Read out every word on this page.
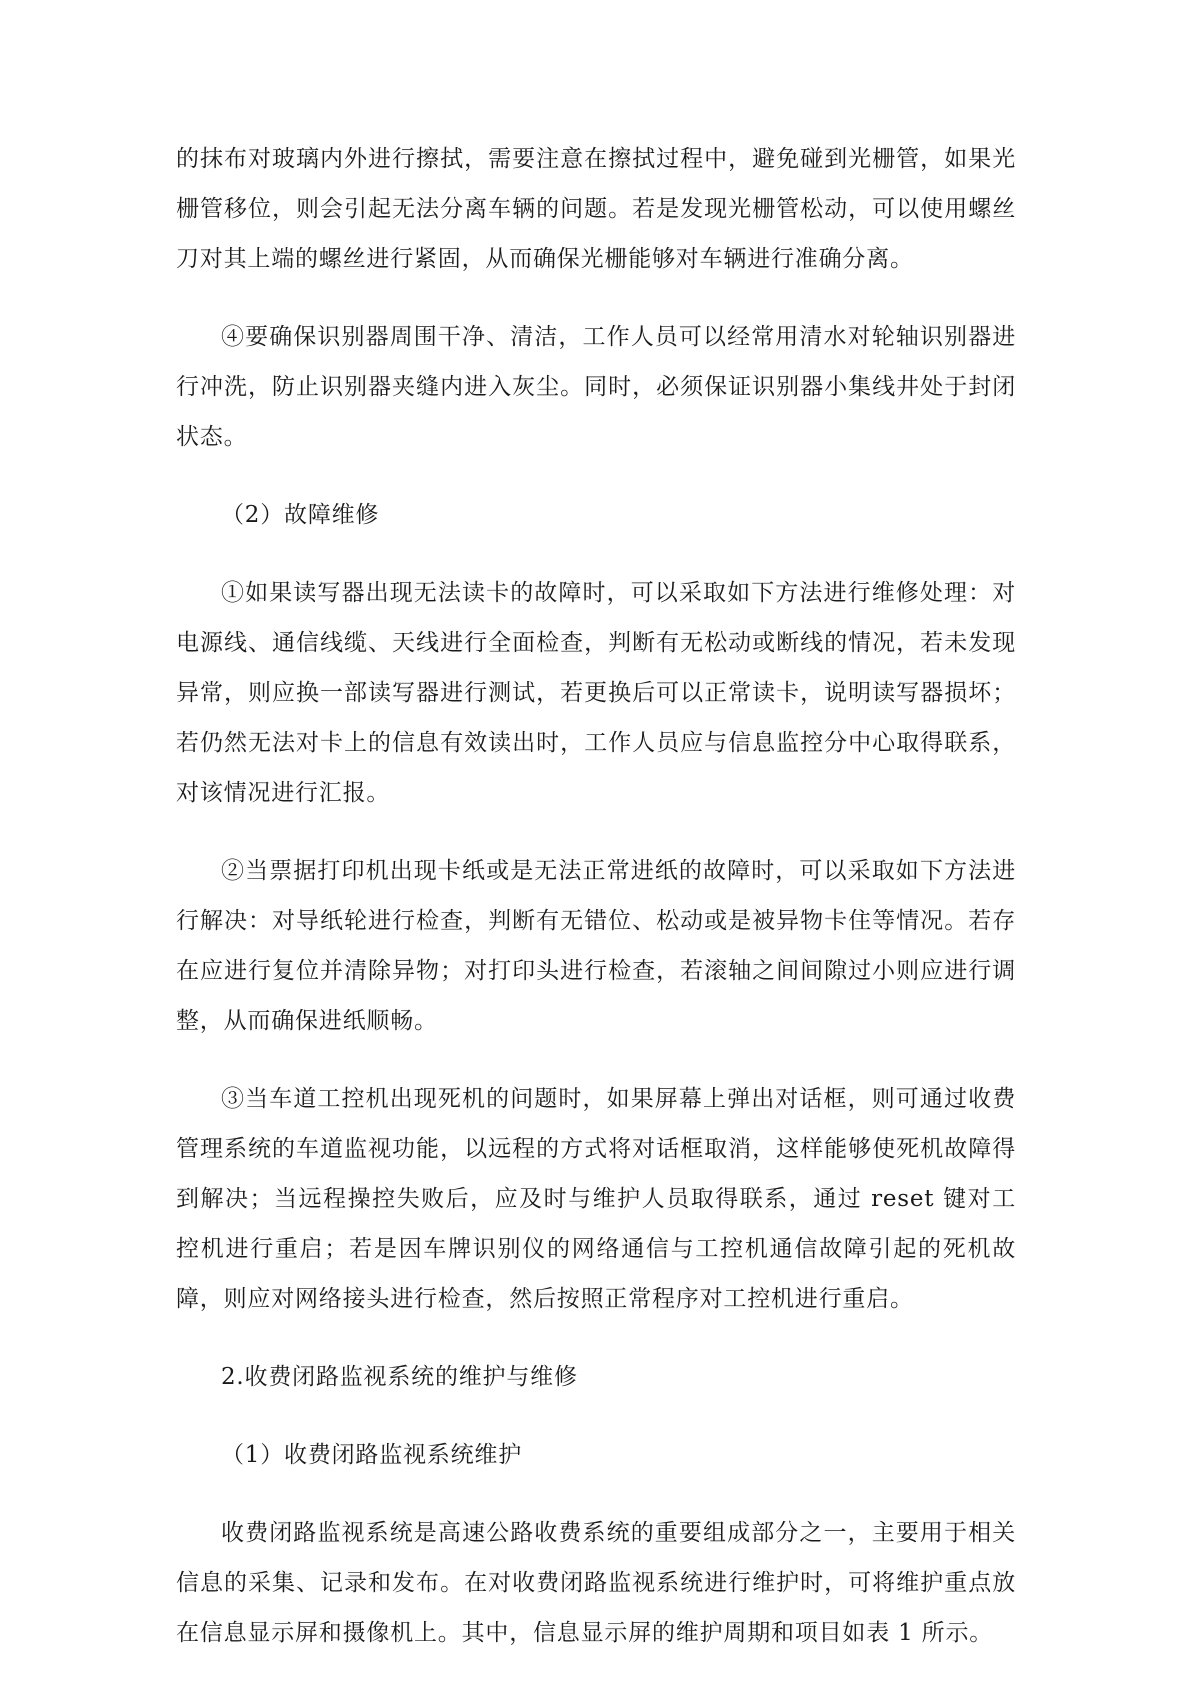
的抹布对玻璃内外进行擦拭，需要注意在擦拭过程中，避免碰到光栅管，如果光栅管移位，则会引起无法分离车辆的问题。若是发现光栅管松动，可以使用螺丝刀对其上端的螺丝进行紧固，从而确保光栅能够对车辆进行准确分离。

④要确保识别器周围干净、清洁，工作人员可以经常用清水对轮轴识别器进行冲洗，防止识别器夹缝内进入灰尘。同时，必须保证识别器小集线井处于封闭状态。

（2）故障维修

①如果读写器出现无法读卡的故障时，可以采取如下方法进行维修处理：对电源线、通信线缆、天线进行全面检查，判断有无松动或断线的情况，若未发现异常，则应换一部读写器进行测试，若更换后可以正常读卡，说明读写器损坏；若仍然无法对卡上的信息有效读出时，工作人员应与信息监控分中心取得联系，对该情况进行汇报。

②当票据打印机出现卡纸或是无法正常进纸的故障时，可以采取如下方法进行解决：对导纸轮进行检查，判断有无错位、松动或是被异物卡住等情况。若存在应进行复位并清除异物；对打印头进行检查，若滚轴之间间隙过小则应进行调整，从而确保进纸顺畅。

③当车道工控机出现死机的问题时，如果屏幕上弹出对话框，则可通过收费管理系统的车道监视功能，以远程的方式将对话框取消，这样能够使死机故障得到解决；当远程操控失败后，应及时与维护人员取得联系，通过 reset 键对工控机进行重启；若是因车牌识别仪的网络通信与工控机通信故障引起的死机故障，则应对网络接头进行检查，然后按照正常程序对工控机进行重启。

2.收费闭路监视系统的维护与维修

（1）收费闭路监视系统维护

收费闭路监视系统是高速公路收费系统的重要组成部分之一，主要用于相关信息的采集、记录和发布。在对收费闭路监视系统进行维护时，可将维护重点放在信息显示屏和摄像机上。其中，信息显示屏的维护周期和项目如表 1 所示。
